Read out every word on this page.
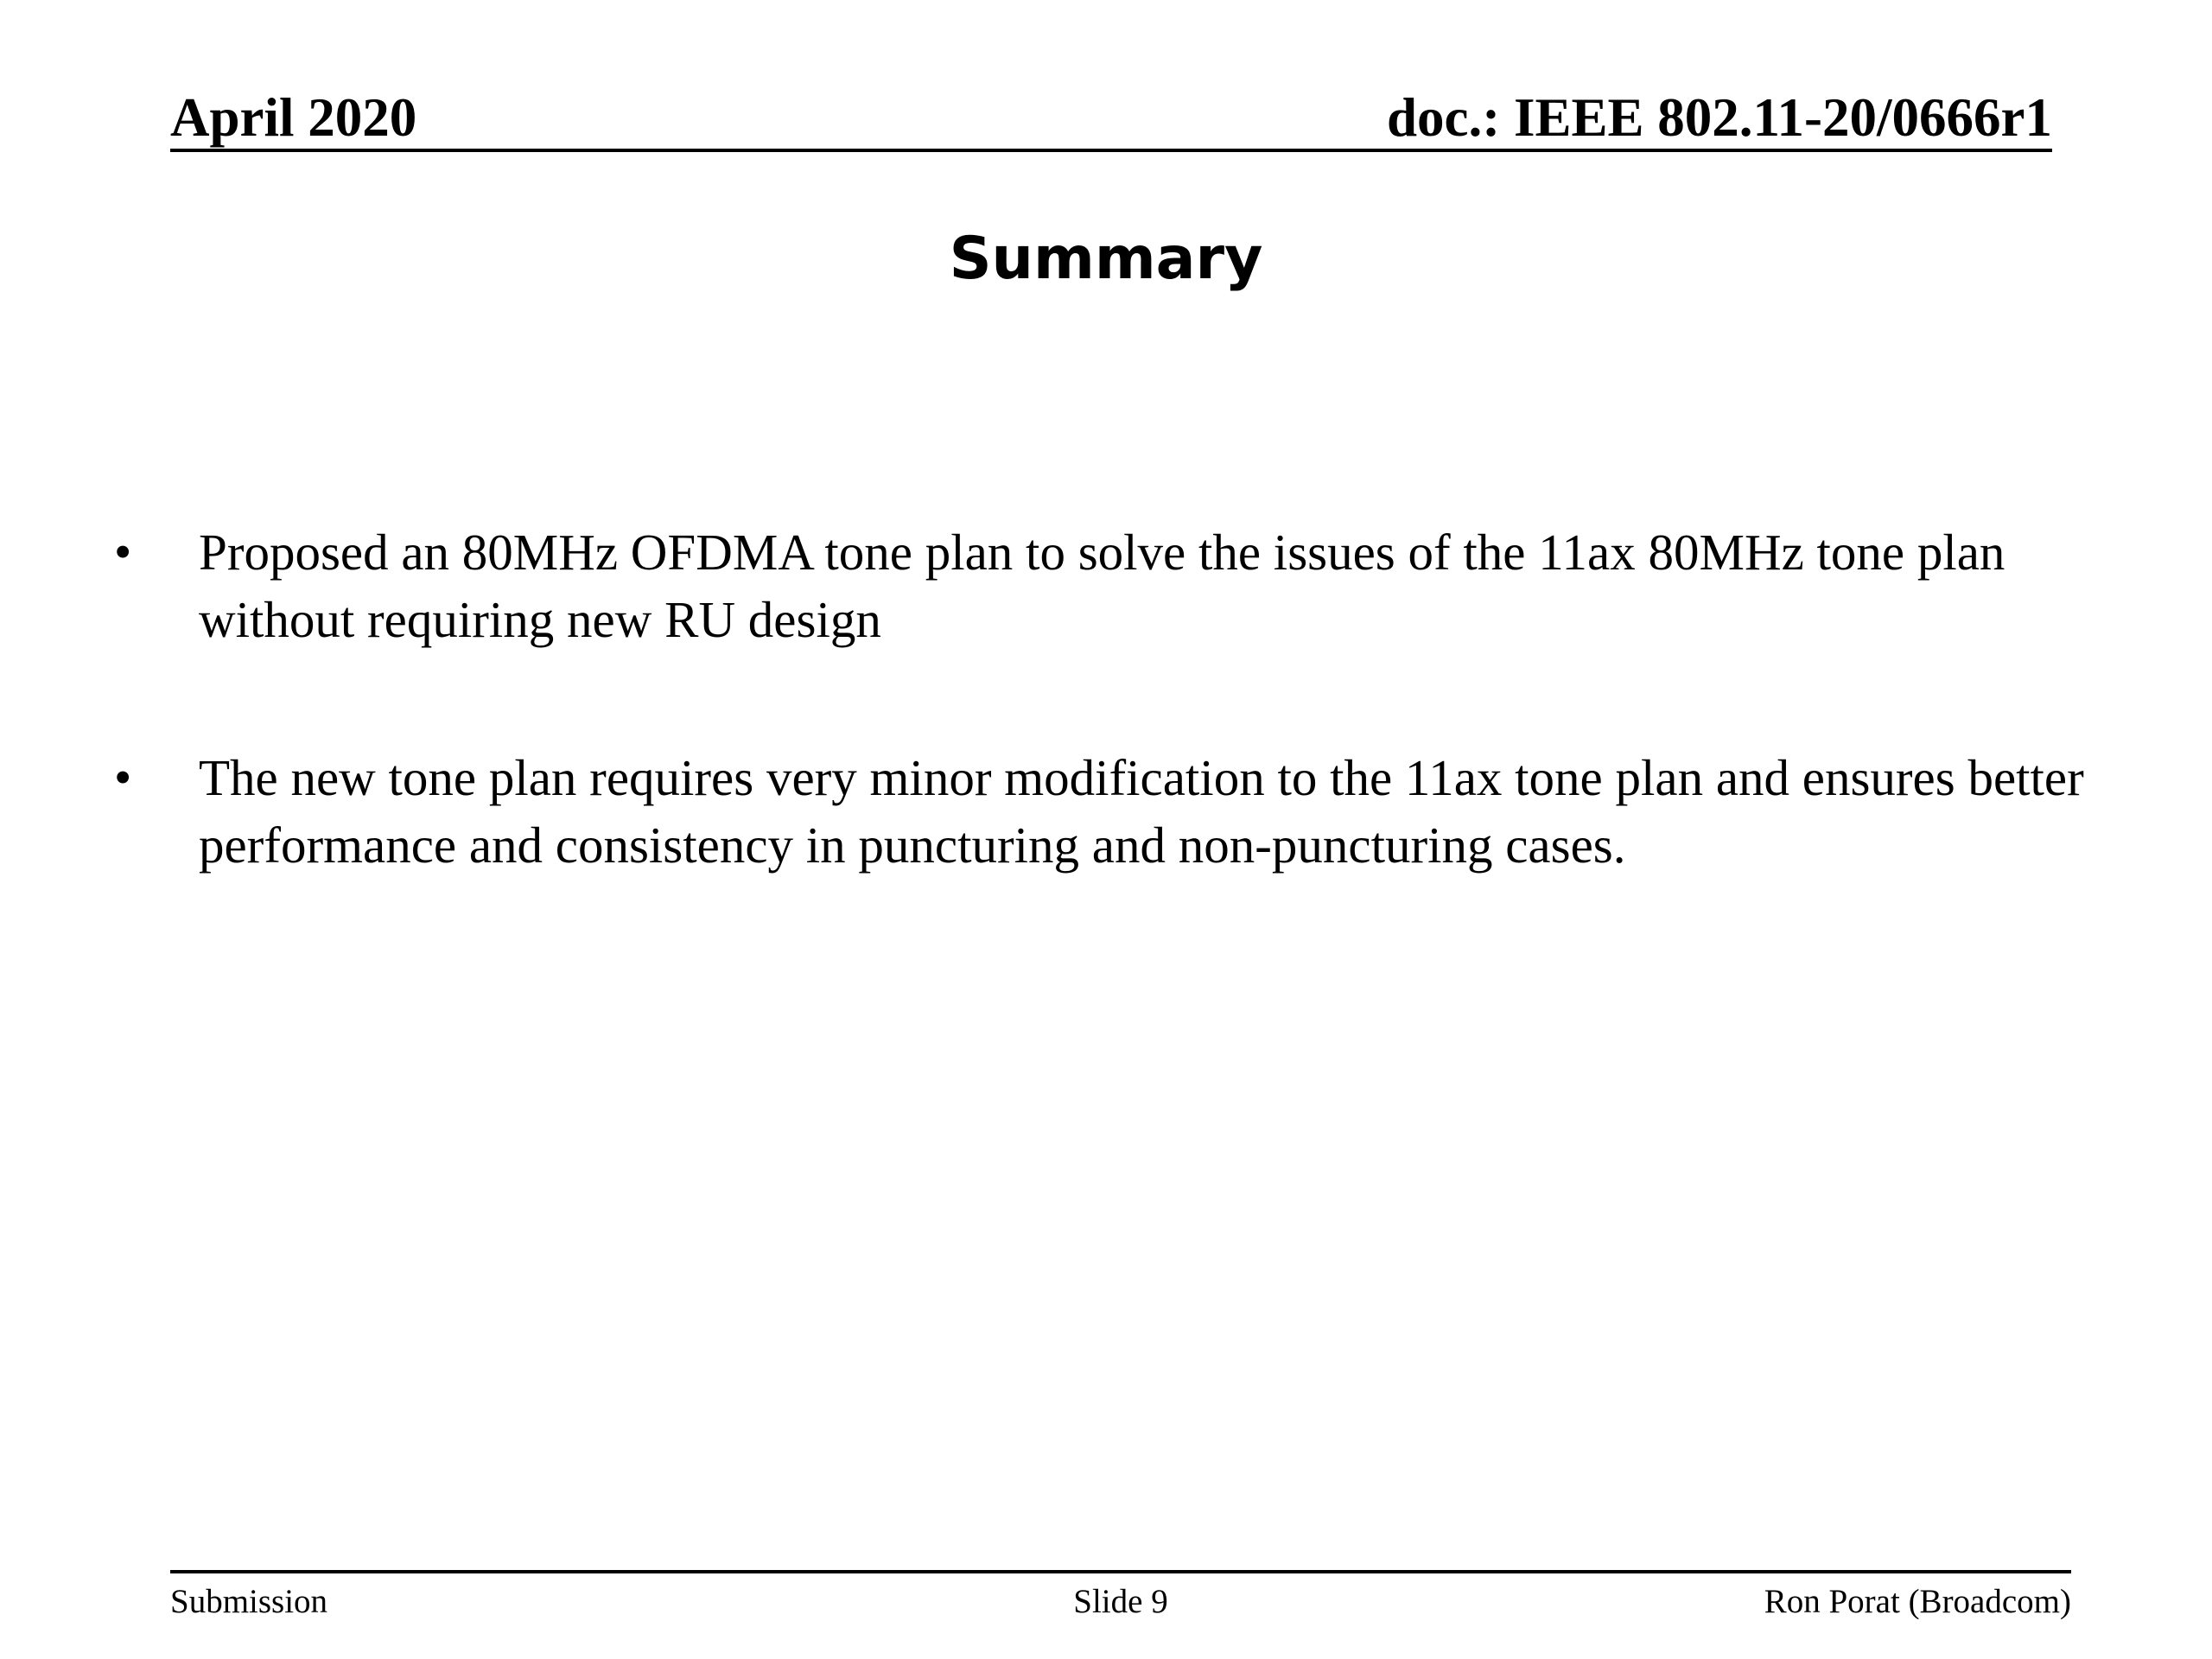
April 2020	doc.: IEEE 802.11-20/0666r1
Summary
• Proposed an 80MHz OFDMA tone plan to solve the issues of the 11ax 80MHz tone plan without requiring new RU design
• The new tone plan requires very minor modification to the 11ax tone plan and ensures better performance and consistency in puncturing and non-puncturing cases.
Submission	Slide 9	Ron Porat (Broadcom)
